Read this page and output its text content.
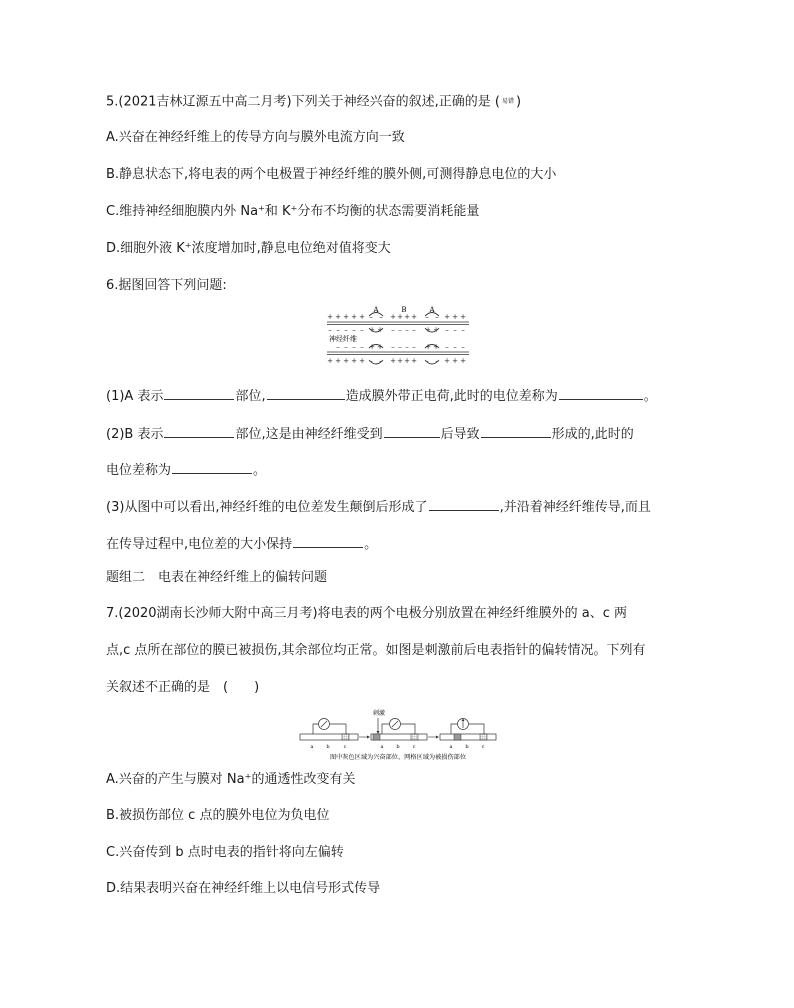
5.(2021吉林辽源五中高二月考)下列关于神经兴奋的叙述,正确的是 ( 易错 )
A.兴奋在神经纤维上的传导方向与膜外电流方向一致
B.静息状态下,将电表的两个电极置于神经纤维的膜外侧,可测得静息电位的大小
C.维持神经细胞膜内外 Na⁺和 K⁺分布不均衡的状态需要消耗能量
D.细胞外液 K⁺浓度增加时,静息电位绝对值将变大
6.据图回答下列问题:
+ + + + + – – + + + + – – + + +
– – – – – + + – – – – + + – – –
– – – – + + – – – – + + – – –
+ + + + + – – + + + + – – + + +
A	B	A
神经纤维
(1)A 表示	部位,	造成膜外带正电荷,此时的电位差称为	。
(2)B 表示	部位,这是由神经纤维受到	后导致	形成的,此时的
电位差称为	。
(3)从图中可以看出,神经纤维的电位差发生颠倒后形成了	,并沿着神经纤维传导,而且
在传导过程中,电位差的大小保持	。
题组二　电表在神经纤维上的偏转问题
7.(2020湖南长沙师大附中高三月考)将电表的两个电极分别放置在神经纤维膜外的 a、c 两
点,c 点所在部位的膜已被损伤,其余部位均正常。如图是刺激前后电表指针的偏转情况。下列有
关叙述不正确的是　(　　)
a	b	c
刺激
a	b	c	a	b	c
图中灰色区域为兴奋部位、网格区域为被损伤部位
A.兴奋的产生与膜对 Na⁺的通透性改变有关
B.被损伤部位 c 点的膜外电位为负电位
C.兴奋传到 b 点时电表的指针将向左偏转
D.结果表明兴奋在神经纤维上以电信号形式传导
